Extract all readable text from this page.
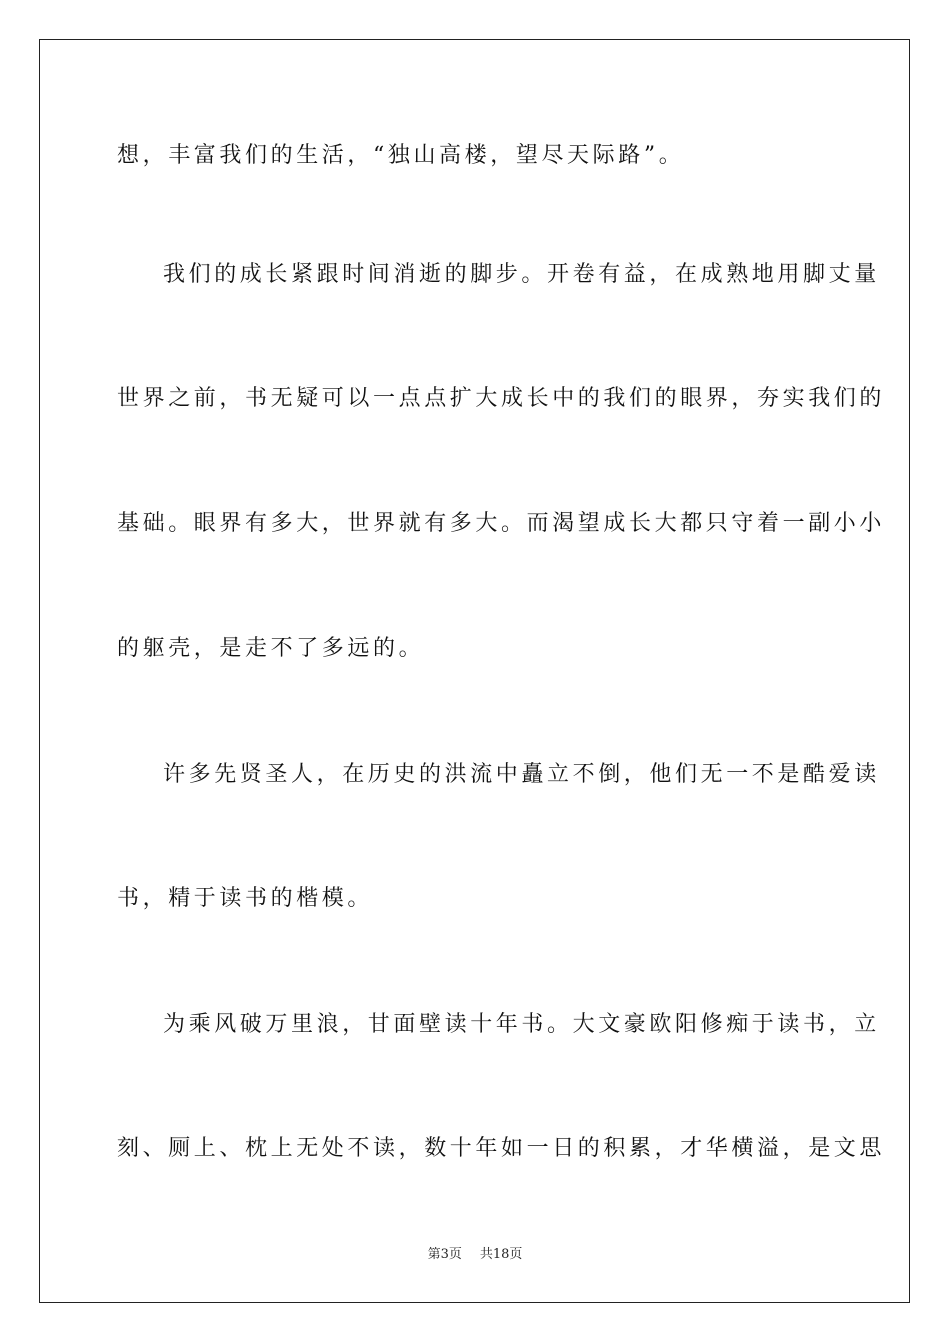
想，丰富我们的生活，“独山高楼，望尽天际路”。
我们的成长紧跟时间消逝的脚步。开卷有益，在成熟地用脚丈量
世界之前，书无疑可以一点点扩大成长中的我们的眼界，夯实我们的
基础。眼界有多大，世界就有多大。而渴望成长大都只守着一副小小
的躯壳，是走不了多远的。
许多先贤圣人，在历史的洪流中矗立不倒，他们无一不是酷爱读
书，精于读书的楷模。
为乘风破万里浪，甘面壁读十年书。大文豪欧阳修痴于读书，立
刻、厕上、枕上无处不读，数十年如一日的积累，才华横溢，是文思
第3页 共18页
